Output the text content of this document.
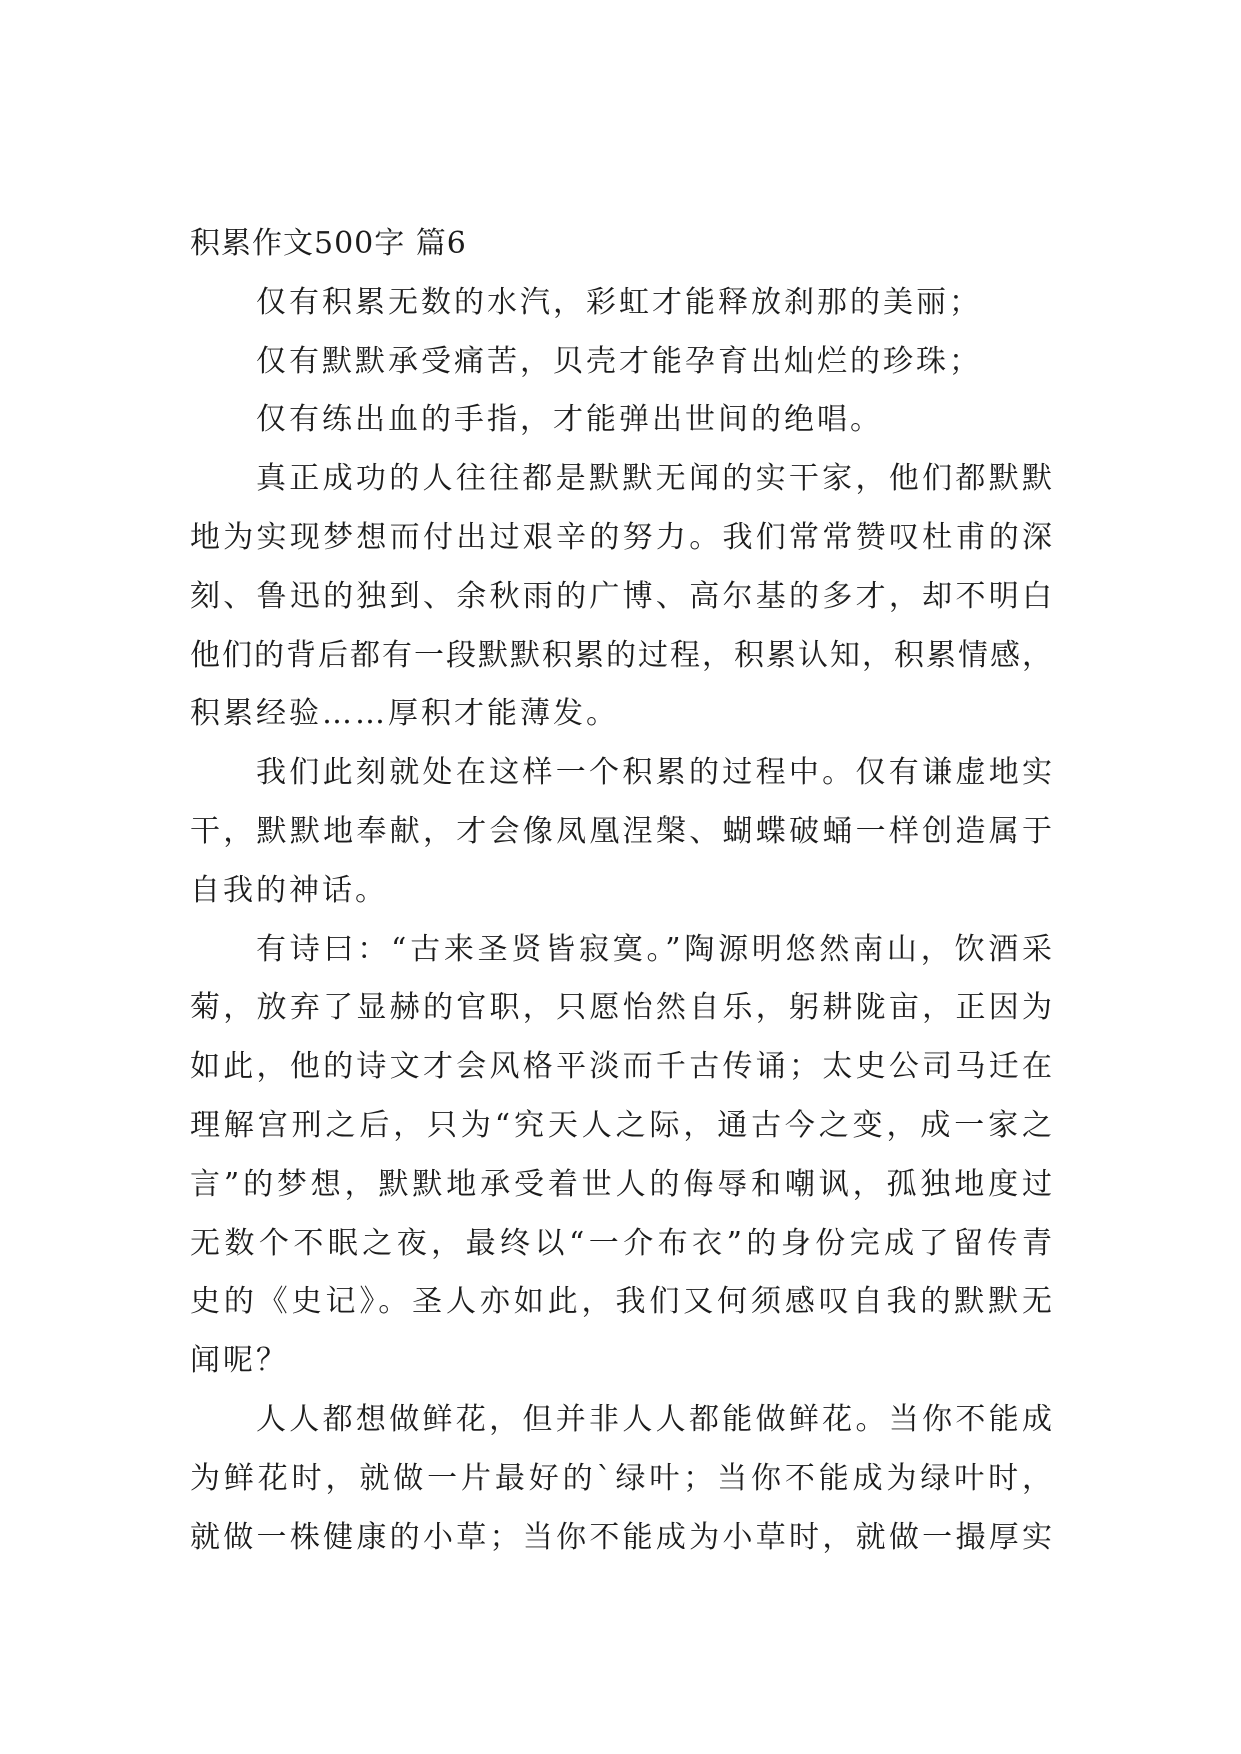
积累作文500字 篇6
仅有积累无数的水汽，彩虹才能释放刹那的美丽；
仅有默默承受痛苦，贝壳才能孕育出灿烂的珍珠；
仅有练出血的手指，才能弹出世间的绝唱。
真正成功的人往往都是默默无闻的实干家，他们都默默
地为实现梦想而付出过艰辛的努力。我们常常赞叹杜甫的深
刻、鲁迅的独到、余秋雨的广博、高尔基的多才，却不明白
他们的背后都有一段默默积累的过程，积累认知，积累情感，
积累经验……厚积才能薄发。
我们此刻就处在这样一个积累的过程中。仅有谦虚地实
干，默默地奉献，才会像凤凰涅槃、蝴蝶破蛹一样创造属于
自我的神话。
有诗曰：“古来圣贤皆寂寞。”陶源明悠然南山，饮酒采
菊，放弃了显赫的官职，只愿怡然自乐，躬耕陇亩，正因为
如此，他的诗文才会风格平淡而千古传诵；太史公司马迁在
理解宫刑之后，只为“究天人之际，通古今之变，成一家之
言”的梦想，默默地承受着世人的侮辱和嘲讽，孤独地度过
无数个不眠之夜，最终以“一介布衣”的身份完成了留传青
史的《史记》。圣人亦如此，我们又何须感叹自我的默默无
闻呢？
人人都想做鲜花，但并非人人都能做鲜花。当你不能成
为鲜花时，就做一片最好的`绿叶；当你不能成为绿叶时，
就做一株健康的小草；当你不能成为小草时，就做一撮厚实
